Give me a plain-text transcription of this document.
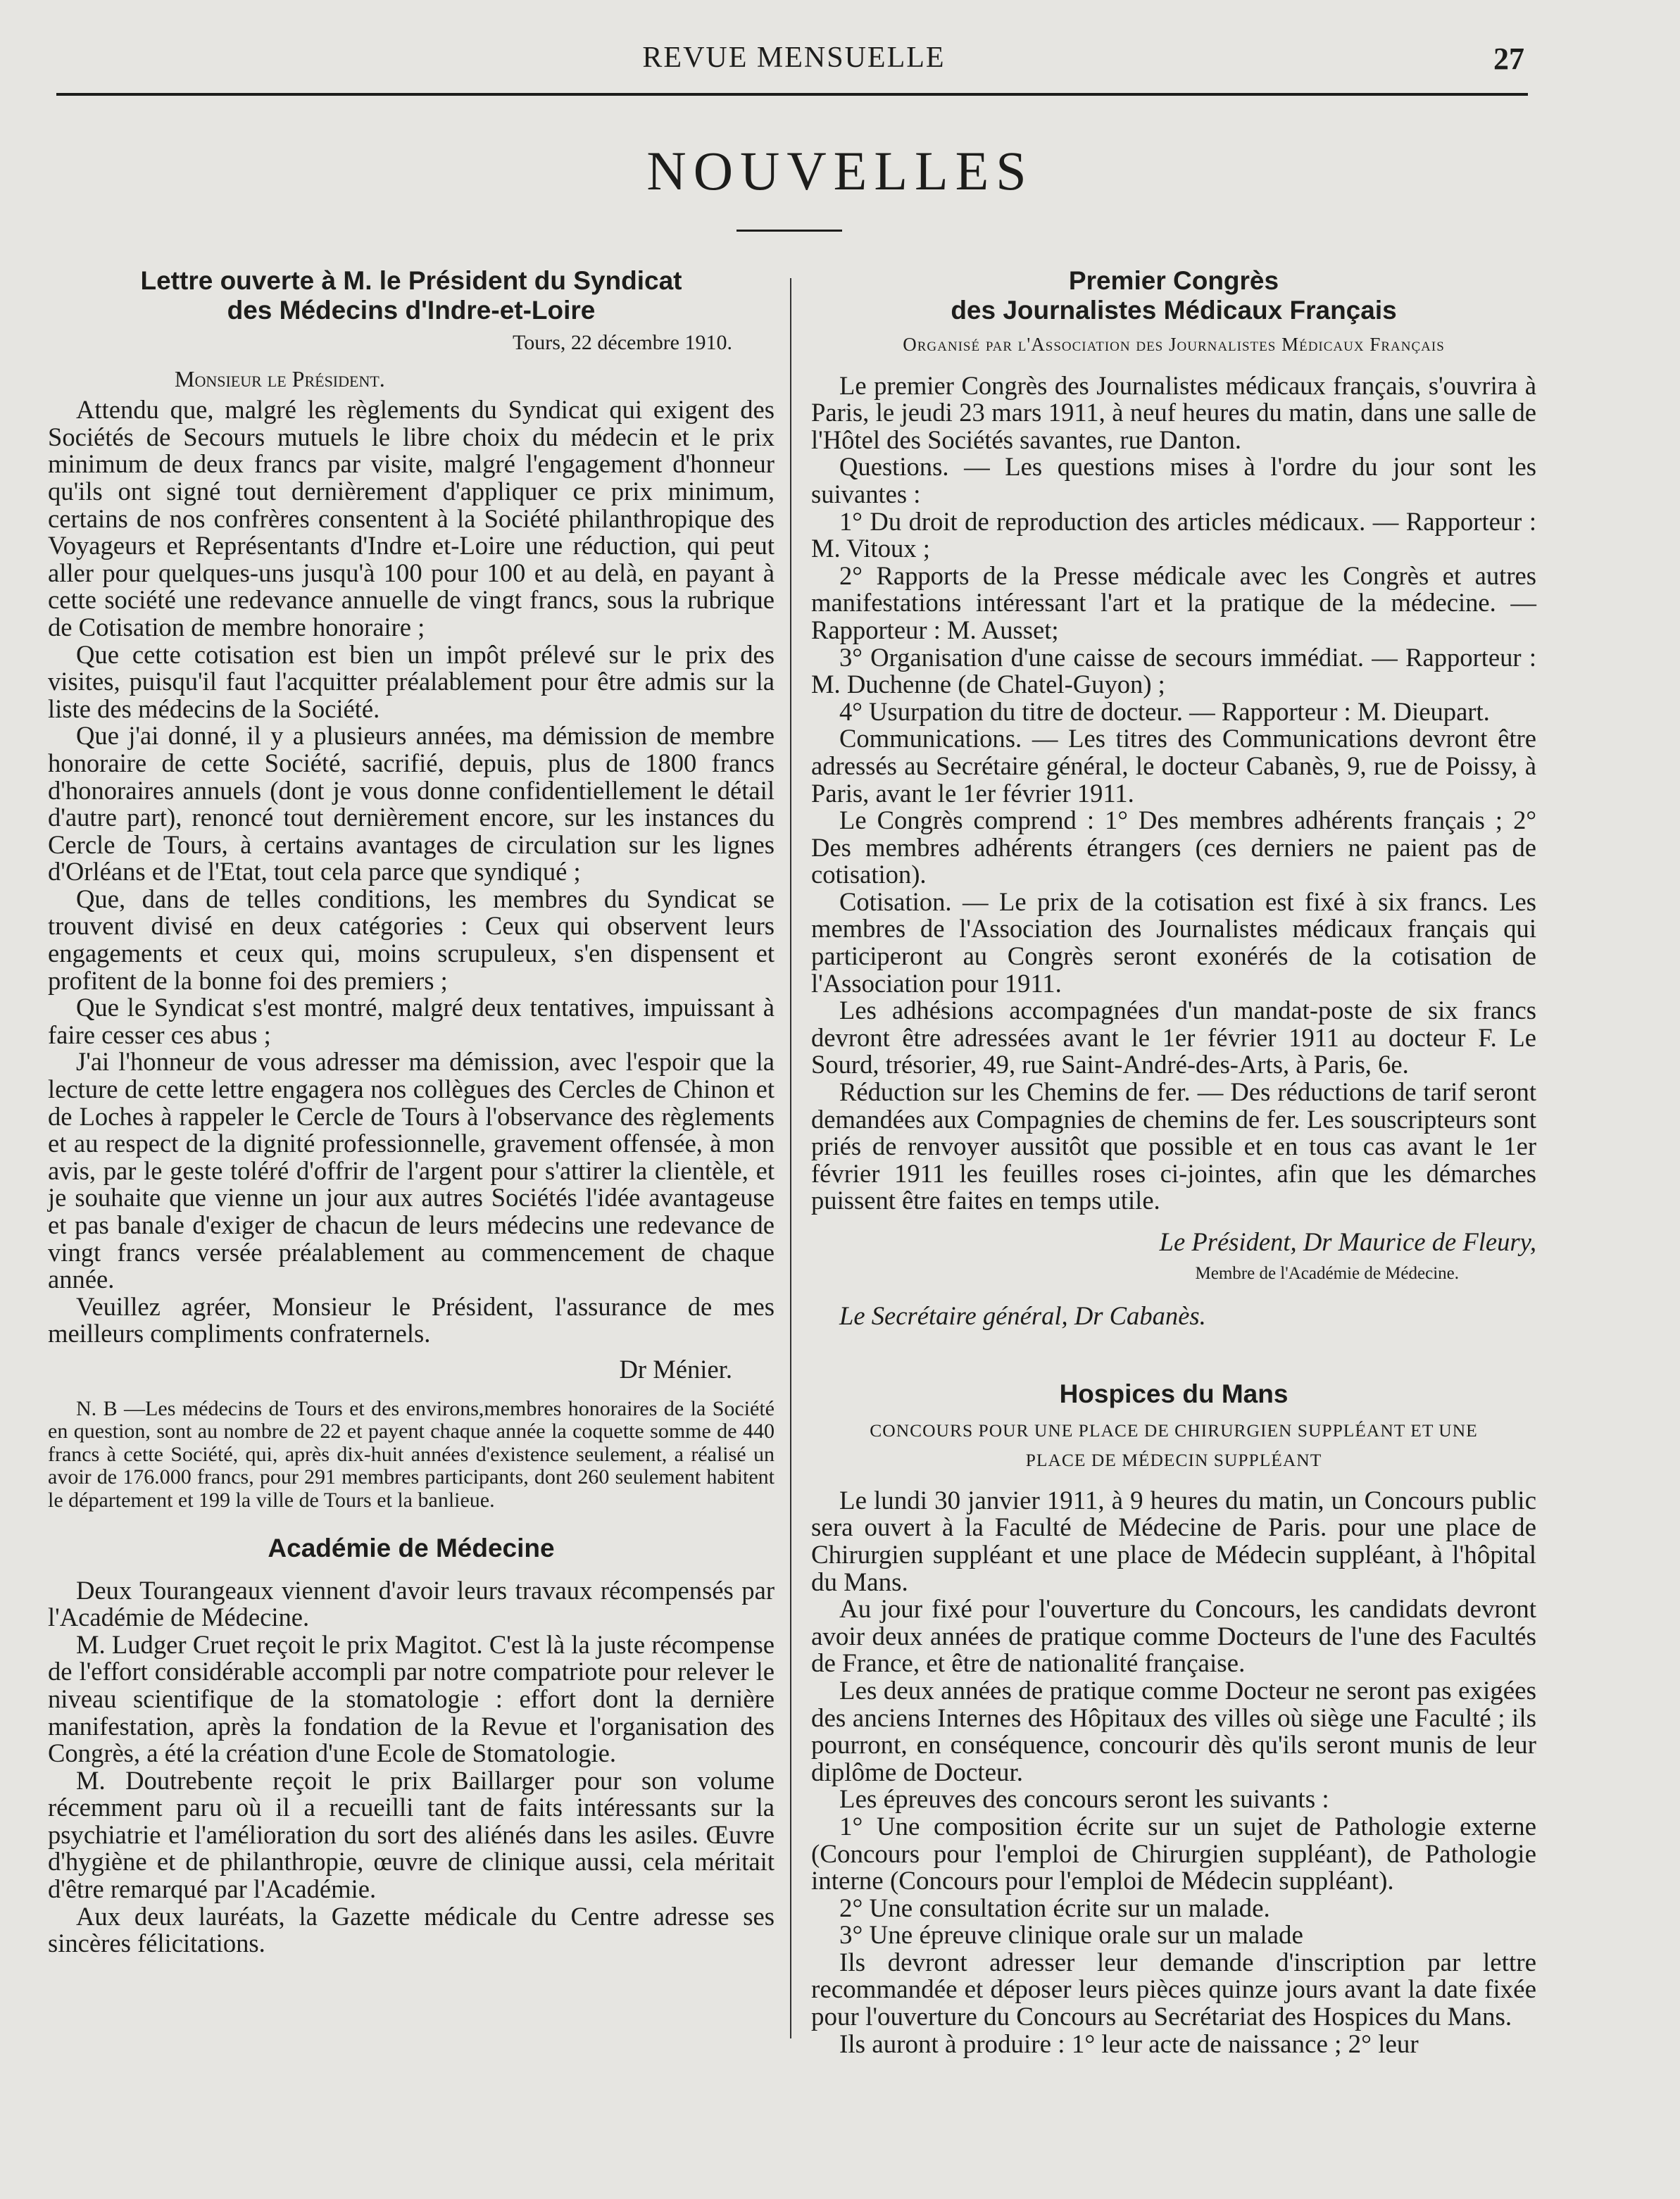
REVUE MENSUELLE	27
NOUVELLES
Lettre ouverte à M. le Président du Syndicat
des Médecins d'Indre-et-Loire
Tours, 22 décembre 1910.
Monsieur le Président.

Attendu que, malgré les règlements du Syndicat qui exigent des Sociétés de Secours mutuels le libre choix du médecin et le prix minimum de deux francs par visite, malgré l'engagement d'honneur qu'ils ont signé tout dernièrement d'appliquer ce prix minimum, certains de nos confrères consentent à la Société philanthropique des Voyageurs et Représentants d'Indre et-Loire une réduction, qui peut aller pour quelques-uns jusqu'à 100 pour 100 et au delà, en payant à cette société une redevance annuelle de vingt francs, sous la rubrique de Cotisation de membre honoraire ;

Que cette cotisation est bien un impôt prélevé sur le prix des visites, puisqu'il faut l'acquitter préalablement pour être admis sur la liste des médecins de la Société.

Que j'ai donné, il y a plusieurs années, ma démission de membre honoraire de cette Société, sacrifié, depuis, plus de 1800 francs d'honoraires annuels (dont je vous donne confidentiellement le détail d'autre part), renoncé tout dernièrement encore, sur les instances du Cercle de Tours, à certains avantages de circulation sur les lignes d'Orléans et de l'Etat, tout cela parce que syndiqué ;

Que, dans de telles conditions, les membres du Syndicat se trouvent divisé en deux catégories : Ceux qui observent leurs engagements et ceux qui, moins scrupuleux, s'en dispensent et profitent de la bonne foi des premiers ;

Que le Syndicat s'est montré, malgré deux tentatives, impuissant à faire cesser ces abus ;

J'ai l'honneur de vous adresser ma démission, avec l'espoir que la lecture de cette lettre engagera nos collègues des Cercles de Chinon et de Loches à rappeler le Cercle de Tours à l'observance des règlements et au respect de la dignité professionnelle, gravement offensée, à mon avis, par le geste toléré d'offrir de l'argent pour s'attirer la clientèle, et je souhaite que vienne un jour aux autres Sociétés l'idée avantageuse et pas banale d'exiger de chacun de leurs médecins une redevance de vingt francs versée préalablement au commencement de chaque année.

Veuillez agréer, Monsieur le Président, l'assurance de mes meilleurs compliments confraternels.

Dr Ménier.

N. B —Les médecins de Tours et des environs,membres honoraires de la Société en question, sont au nombre de 22 et payent chaque année la coquette somme de 440 francs à cette Société, qui, après dix-huit années d'existence seulement, a réalisé un avoir de 176.000 francs, pour 291 membres participants, dont 260 seulement habitent le département et 199 la ville de Tours et la banlieue.

Académie de Médecine

Deux Tourangeaux viennent d'avoir leurs travaux récompensés par l'Académie de Médecine.

M. Ludger Cruet reçoit le prix Magitot. C'est là la juste récompense de l'effort considérable accompli par notre compatriote pour relever le niveau scientifique de la stomatologie : effort dont la dernière manifestation, après la fondation de la Revue et l'organisation des Congrès, a été la création d'une Ecole de Stomatologie.

M. Doutrebente reçoit le prix Baillarger pour son volume récemment paru où il a recueilli tant de faits intéressants sur la psychiatrie et l'amélioration du sort des aliénés dans les asiles. Œuvre d'hygiène et de philanthropie, œuvre de clinique aussi, cela méritait d'être remarqué par l'Académie.

Aux deux lauréats, la Gazette médicale du Centre adresse ses sincères félicitations.

Premier Congrès
des Journalistes Médicaux Français
Organisé par l'Association des Journalistes Médicaux Français

Le premier Congrès des Journalistes médicaux français, s'ouvrira à Paris, le jeudi 23 mars 1911, à neuf heures du matin, dans une salle de l'Hôtel des Sociétés savantes, rue Danton.

Questions. — Les questions mises à l'ordre du jour sont les suivantes :

1° Du droit de reproduction des articles médicaux. — Rapporteur : M. Vitoux ;

2° Rapports de la Presse médicale avec les Congrès et autres manifestations intéressant l'art et la pratique de la médecine. — Rapporteur : M. Ausset;

3° Organisation d'une caisse de secours immédiat. — Rapporteur : M. Duchenne (de Chatel-Guyon) ;

4° Usurpation du titre de docteur. — Rapporteur : M. Dieupart.

Communications. — Les titres des Communications devront être adressés au Secrétaire général, le docteur Cabanès, 9, rue de Poissy, à Paris, avant le 1er février 1911.

Le Congrès comprend : 1° Des membres adhérents français ; 2° Des membres adhérents étrangers (ces derniers ne paient pas de cotisation).

Cotisation. — Le prix de la cotisation est fixé à six francs. Les membres de l'Association des Journalistes médicaux français qui participeront au Congrès seront exonérés de la cotisation de l'Association pour 1911.

Les adhésions accompagnées d'un mandat-poste de six francs devront être adressées avant le 1er février 1911 au docteur F. Le Sourd, trésorier, 49, rue Saint-André-des-Arts, à Paris, 6e.

Réduction sur les Chemins de fer. — Des réductions de tarif seront demandées aux Compagnies de chemins de fer. Les souscripteurs sont priés de renvoyer aussitôt que possible et en tous cas avant le 1er février 1911 les feuilles roses ci-jointes, afin que les démarches puissent être faites en temps utile.

Le Président, Dr Maurice de Fleury,
Membre de l'Académie de Médecine.

Le Secrétaire général, Dr Cabanès.

Hospices du Mans
CONCOURS POUR UNE PLACE DE CHIRURGIEN SUPPLÉANT ET UNE
PLACE DE MÉDECIN SUPPLÉANT

Le lundi 30 janvier 1911, à 9 heures du matin, un Concours public sera ouvert à la Faculté de Médecine de Paris. pour une place de Chirurgien suppléant et une place de Médecin suppléant, à l'hôpital du Mans.

Au jour fixé pour l'ouverture du Concours, les candidats devront avoir deux années de pratique comme Docteurs de l'une des Facultés de France, et être de nationalité française.

Les deux années de pratique comme Docteur ne seront pas exigées des anciens Internes des Hôpitaux des villes où siège une Faculté ; ils pourront, en conséquence, concourir dès qu'ils seront munis de leur diplôme de Docteur.

Les épreuves des concours seront les suivants :

1° Une composition écrite sur un sujet de Pathologie externe (Concours pour l'emploi de Chirurgien suppléant), de Pathologie interne (Concours pour l'emploi de Médecin suppléant).

2° Une consultation écrite sur un malade.

3° Une épreuve clinique orale sur un malade

Ils devront adresser leur demande d'inscription par lettre recommandée et déposer leurs pièces quinze jours avant la date fixée pour l'ouverture du Concours au Secrétariat des Hospices du Mans.

Ils auront à produire : 1° leur acte de naissance ; 2° leur
